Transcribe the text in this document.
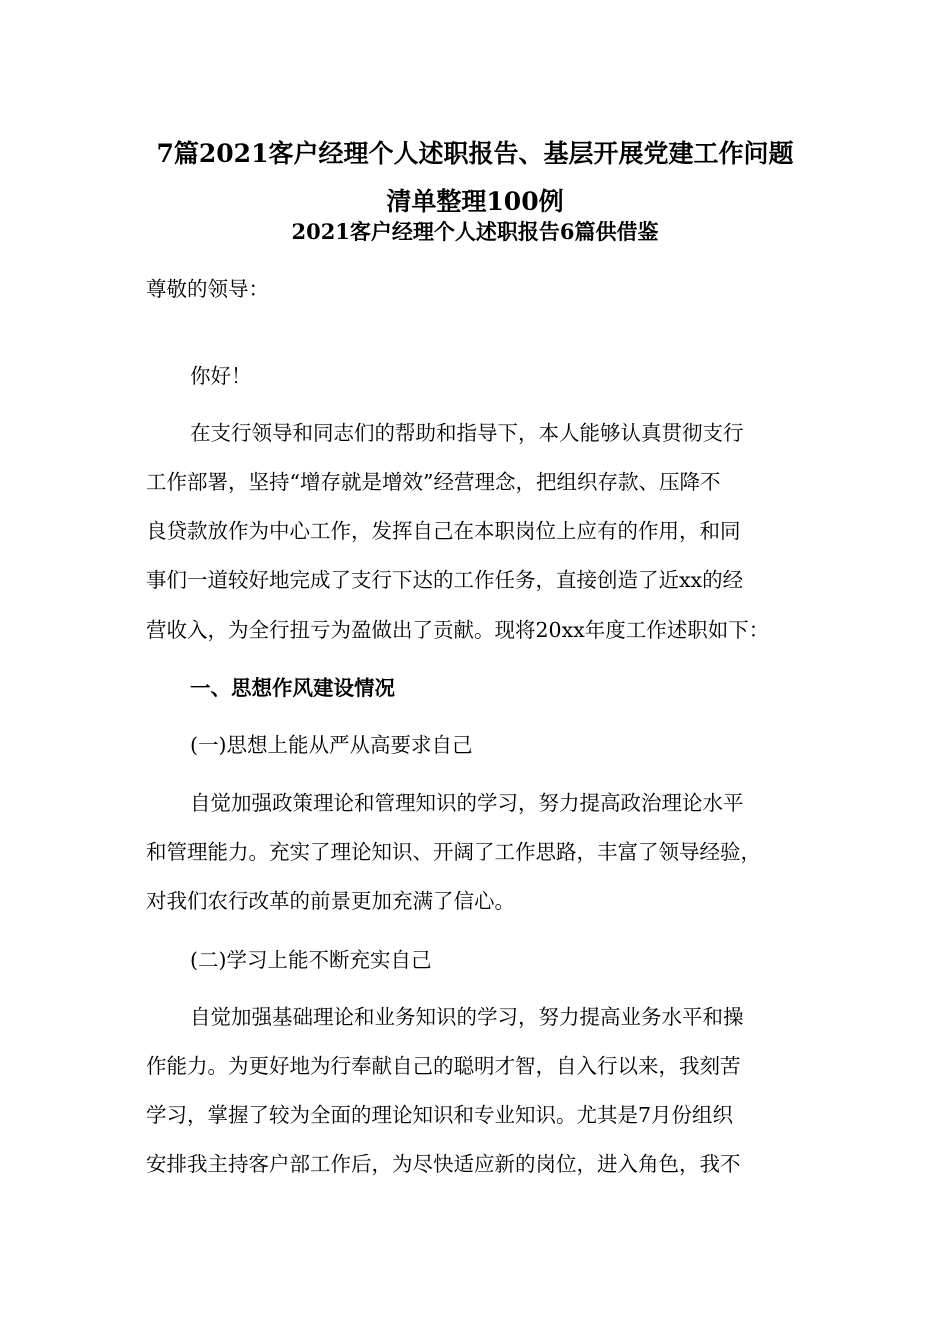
7篇2021客户经理个人述职报告、基层开展党建工作问题
清单整理100例
2021客户经理个人述职报告6篇供借鉴
尊敬的领导：
你好！
在支行领导和同志们的帮助和指导下，本人能够认真贯彻支行
工作部署，坚持“增存就是增效”经营理念，把组织存款、压降不
良贷款放作为中心工作，发挥自己在本职岗位上应有的作用，和同
事们一道较好地完成了支行下达的工作任务，直接创造了近xx的经
营收入，为全行扭亏为盈做出了贡献。现将20xx年度工作述职如下：
一、思想作风建设情况
(一)思想上能从严从高要求自己
自觉加强政策理论和管理知识的学习，努力提高政治理论水平
和管理能力。充实了理论知识、开阔了工作思路，丰富了领导经验，
对我们农行改革的前景更加充满了信心。
(二)学习上能不断充实自己
自觉加强基础理论和业务知识的学习，努力提高业务水平和操
作能力。为更好地为行奉献自己的聪明才智，自入行以来，我刻苦
学习，掌握了较为全面的理论知识和专业知识。尤其是7月份组织
安排我主持客户部工作后，为尽快适应新的岗位，进入角色，我不
